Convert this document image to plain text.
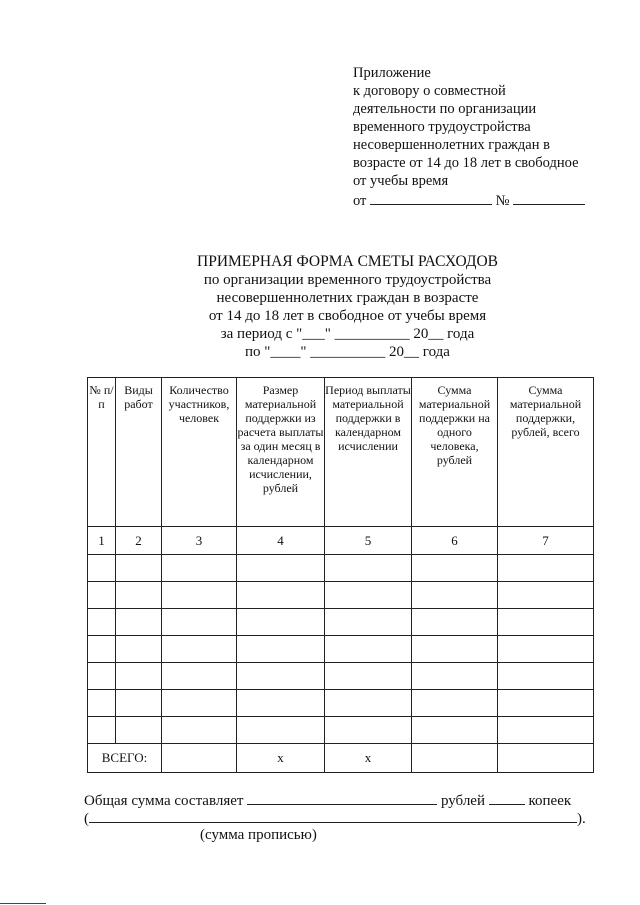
Приложение
к договору о совместной
деятельности по организации
временного трудоустройства
несовершеннолетних граждан в
возрасте от 14 до 18 лет в свободное
от учебы время
от	№
ПРИМЕРНАЯ ФОРМА СМЕТЫ РАСХОДОВ
по организации временного трудоустройства
несовершеннолетних граждан в возрасте
от 14 до 18 лет в свободное от учебы время
за период с "___" __________ 20__ года
по "____" __________ 20__ года
№ п/п	Виды работ	Количество участников, человек	Размер материальной поддержки из расчета выплаты за один месяц в календарном исчислении, рублей	Период выплаты материальной поддержки в календарном исчислении	Сумма материальной поддержки на одного человека, рублей	Сумма материальной поддержки, рублей, всего
1	2	3	4	5	6	7

ВСЕГО:			x	x		
Общая сумма составляет	рублей	копеек
(	).
(сумма прописью)
